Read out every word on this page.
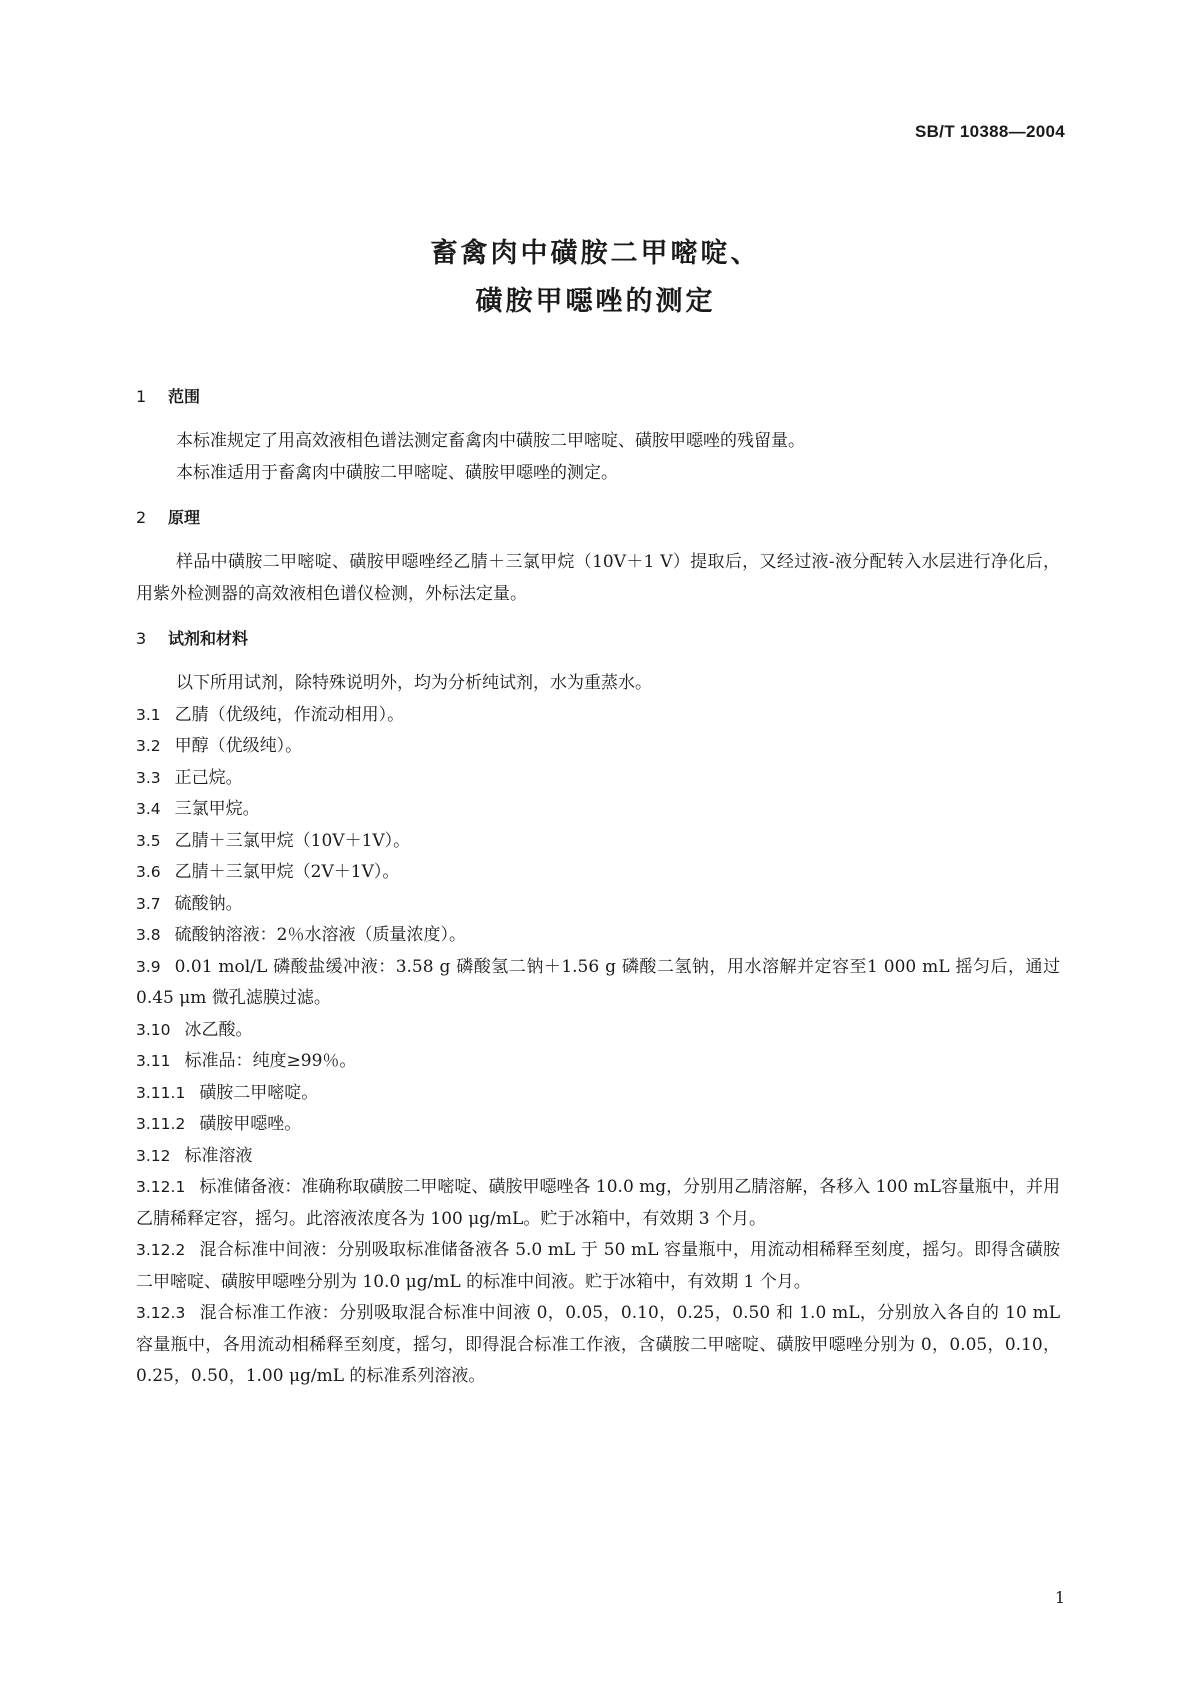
SB/T 10388—2004
畜禽肉中磺胺二甲嘧啶、
磺胺甲噁唑的测定
1 范围
本标准规定了用高效液相色谱法测定畜禽肉中磺胺二甲嘧啶、磺胺甲噁唑的残留量。
本标准适用于畜禽肉中磺胺二甲嘧啶、磺胺甲噁唑的测定。
2 原理
样品中磺胺二甲嘧啶、磺胺甲噁唑经乙腈＋三氯甲烷（10V＋1 V）提取后，又经过液-液分配转入水层进行净化后，用紫外检测器的高效液相色谱仪检测，外标法定量。
3 试剂和材料
以下所用试剂，除特殊说明外，均为分析纯试剂，水为重蒸水。
3.1 乙腈（优级纯，作流动相用）。
3.2 甲醇（优级纯）。
3.3 正己烷。
3.4 三氯甲烷。
3.5 乙腈＋三氯甲烷（10V＋1V）。
3.6 乙腈＋三氯甲烷（2V＋1V）。
3.7 硫酸钠。
3.8 硫酸钠溶液：2％水溶液（质量浓度）。
3.9 0.01 mol/L 磷酸盐缓冲液：3.58 g 磷酸氢二钠＋1.56 g 磷酸二氢钠，用水溶解并定容至1 000 mL 摇匀后，通过 0.45 μm 微孔滤膜过滤。
3.10 冰乙酸。
3.11 标准品：纯度≥99％。
3.11.1 磺胺二甲嘧啶。
3.11.2 磺胺甲噁唑。
3.12 标准溶液
3.12.1 标准储备液：准确称取磺胺二甲嘧啶、磺胺甲噁唑各 10.0 mg，分别用乙腈溶解，各移入 100 mL容量瓶中，并用乙腈稀释定容，摇匀。此溶液浓度各为 100 μg/mL。贮于冰箱中，有效期 3 个月。
3.12.2 混合标准中间液：分别吸取标准储备液各 5.0 mL 于 50 mL 容量瓶中，用流动相稀释至刻度，摇匀。即得含磺胺二甲嘧啶、磺胺甲噁唑分别为 10.0 μg/mL 的标准中间液。贮于冰箱中，有效期 1 个月。
3.12.3 混合标准工作液：分别吸取混合标准中间液 0，0.05，0.10，0.25，0.50 和 1.0 mL，分别放入各自的 10 mL 容量瓶中，各用流动相稀释至刻度，摇匀，即得混合标准工作液，含磺胺二甲嘧啶、磺胺甲噁唑分别为 0，0.05，0.10，0.25，0.50，1.00 μg/mL 的标准系列溶液。
1
